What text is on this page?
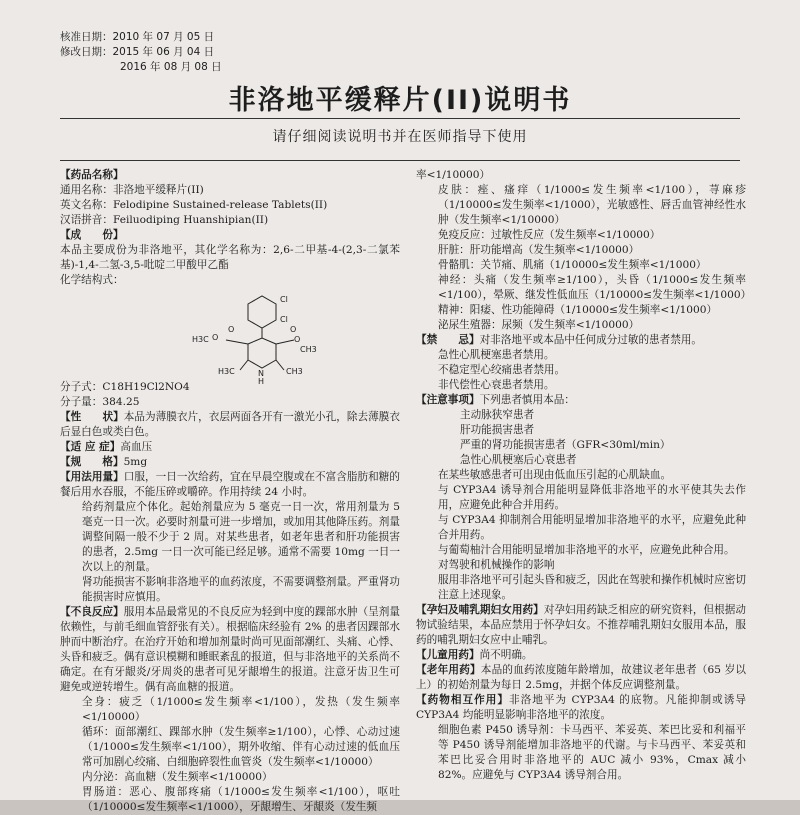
核准日期：2010 年 07 月 05 日
修改日期：2015 年 06 月 04 日
2016 年 08 月 08 日
非洛地平缓释片(II)说明书
请仔细阅读说明书并在医师指导下使用

【药品名称】

通用名称：非洛地平缓释片(II)

英文名称：Felodipine Sustained-release Tablets(II)

汉语拼音：Feiluodiping Huanshipian(II)

【成　　份】

本品主要成份为非洛地平，其化学名称为：2,6-二甲基-4-(2,3-二氯苯基)-1,4-二氢-3,5-吡啶二甲酸甲乙酯

化学结构式：

Cl
Cl
H3C O
O	O
O
CH3
H3C	N
H
CH3

分子式：C18H19Cl2NO4

分子量：384.25

【性　　状】本品为薄膜衣片，衣层两面各开有一激光小孔，除去薄膜衣后显白色或类白色。

【适 应 症】高血压

【规　　格】5mg

【用法用量】口服，一日一次给药，宜在早晨空腹或在不富含脂肪和糖的餐后用水吞服，不能压碎或嚼碎。作用持续 24 小时。

给药剂量应个体化。起始剂量应为 5 毫克一日一次，常用剂量为 5 毫克一日一次。必要时剂量可进一步增加，或加用其他降压药。剂量调整间隔一般不少于 2 周。对某些患者，如老年患者和肝功能损害的患者，2.5mg 一日一次可能已经足够。通常不需要 10mg 一日一次以上的剂量。

肾功能损害不影响非洛地平的血药浓度，不需要调整剂量。严重肾功能损害时应慎用。

【不良反应】服用本品最常见的不良反应为轻到中度的踝部水肿（呈剂量依赖性，与前毛细血管舒张有关）。根据临床经验有 2% 的患者因踝部水肿而中断治疗。在治疗开始和增加剂量时尚可见面部潮红、头痛、心悸、头昏和疲乏。偶有意识模糊和睡眠紊乱的报道，但与非洛地平的关系尚不确定。在有牙龈炎/牙周炎的患者可见牙龈增生的报道。注意牙齿卫生可避免或逆转增生。偶有高血糖的报道。

全身：疲乏（1/1000≤发生频率<1/100），发热（发生频率<1/10000）

循环：面部潮红、踝部水肿（发生频率≥1/100），心悸、心动过速（1/1000≤发生频率<1/100），期外收缩、伴有心动过速的低血压常可加剧心绞痛、白细胞碎裂性血管炎（发生频率<1/10000）

内分泌：高血糖（发生频率<1/10000）

胃肠道：恶心、腹部疼痛（1/1000≤发生频率<1/100），呕吐（1/10000≤发生频率<1/1000），牙龈增生、牙龈炎（发生频

率<1/10000）

皮肤：痤、瘙痒（1/1000≤发生频率<1/100），荨麻疹（1/10000≤发生频率<1/1000），光敏感性、唇舌血管神经性水肿（发生频率<1/10000）

免疫反应：过敏性反应（发生频率<1/10000）

肝脏：肝功能增高（发生频率<1/10000）

骨骼肌：关节痛、肌痛（1/10000≤发生频率<1/1000）

神经：头痛（发生频率≥1/100），头昏（1/1000≤发生频率<1/100），晕厥、继发性低血压（1/10000≤发生频率<1/1000）

精神：阳痿、性功能障碍（1/10000≤发生频率<1/1000）

泌尿生殖器：尿频（发生频率<1/10000）

【禁　　忌】对非洛地平或本品中任何成分过敏的患者禁用。

急性心肌梗塞患者禁用。

不稳定型心绞痛患者禁用。

非代偿性心衰患者禁用。

【注意事项】下列患者慎用本品：

主动脉狭窄患者

肝功能损害患者

严重的肾功能损害患者（GFR<30ml/min）

急性心肌梗塞后心衰患者

在某些敏感患者可出现由低血压引起的心肌缺血。

与 CYP3A4 诱导剂合用能明显降低非洛地平的水平使其失去作用，应避免此种合并用药。

与 CYP3A4 抑制剂合用能明显增加非洛地平的水平，应避免此种合并用药。

与葡萄柚汁合用能明显增加非洛地平的水平，应避免此种合用。

对驾驶和机械操作的影响

服用非洛地平可引起头昏和疲乏，因此在驾驶和操作机械时应密切注意上述现象。

【孕妇及哺乳期妇女用药】对孕妇用药缺乏相应的研究资料，但根据动物试验结果，本品应禁用于怀孕妇女。不推荐哺乳期妇女服用本品，服药的哺乳期妇女应中止哺乳。

【儿童用药】尚不明确。

【老年用药】本品的血药浓度随年龄增加，故建议老年患者（65 岁以上）的初始剂量为每日 2.5mg，并据个体反应调整剂量。

【药物相互作用】非洛地平为 CYP3A4 的底物。凡能抑制或诱导 CYP3A4 均能明显影响非洛地平的浓度。

细胞色素 P450 诱导剂：卡马西平、苯妥英、苯巴比妥和利福平等 P450 诱导剂能增加非洛地平的代谢。与卡马西平、苯妥英和苯巴比妥合用时非洛地平的 AUC 减小 93%，Cmax 减小 82%。应避免与 CYP3A4 诱导剂合用。
